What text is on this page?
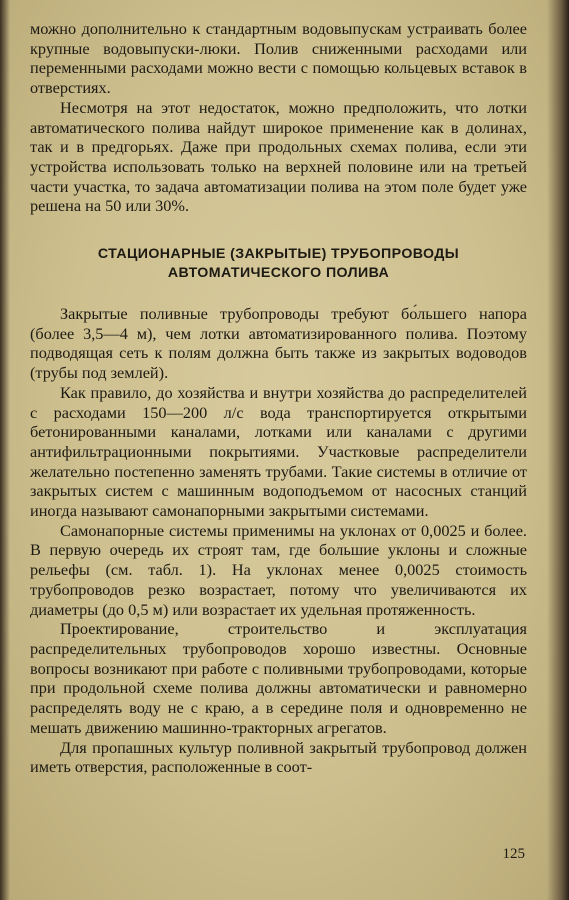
можно дополнительно к стандартным водовыпускам устраивать более крупные водовыпуски-люки. Полив сниженными расходами или переменными расходами можно вести с помощью кольцевых вставок в отверстиях.

Несмотря на этот недостаток, можно предположить, что лотки автоматического полива найдут широкое применение как в долинах, так и в предгорьях. Даже при продольных схемах полива, если эти устройства использовать только на верхней половине или на третьей части участка, то задача автоматизации полива на этом поле будет уже решена на 50 или 30%.

СТАЦИОНАРНЫЕ (ЗАКРЫТЫЕ) ТРУБОПРОВОДЫ
АВТОМАТИЧЕСКОГО ПОЛИВА

Закрытые поливные трубопроводы требуют бо́льшего напора (более 3,5—4 м), чем лотки автоматизированного полива. Поэтому подводящая сеть к полям должна быть также из закрытых водоводов (трубы под землей).

Как правило, до хозяйства и внутри хозяйства до распределителей с расходами 150—200 л/с вода транспортируется открытыми бетонированными каналами, лотками или каналами с другими антифильтрационными покрытиями. Участковые распределители желательно постепенно заменять трубами. Такие системы в отличие от закрытых систем с машинным водоподъемом от насосных станций иногда называют самонапорными закрытыми системами.

Самонапорные системы применимы на уклонах от 0,0025 и более. В первую очередь их строят там, где большие уклоны и сложные рельефы (см. табл. 1). На уклонах менее 0,0025 стоимость трубопроводов резко возрастает, потому что увеличиваются их диаметры (до 0,5 м) или возрастает их удельная протяженность.

Проектирование, строительство и эксплуатация распределительных трубопроводов хорошо известны. Основные вопросы возникают при работе с поливными трубопроводами, которые при продольной схеме полива должны автоматически и равномерно распределять воду не с краю, а в середине поля и одновременно не мешать движению машинно-тракторных агрегатов.

Для пропашных культур поливной закрытый трубопровод должен иметь отверстия, расположенные в соот-

125
